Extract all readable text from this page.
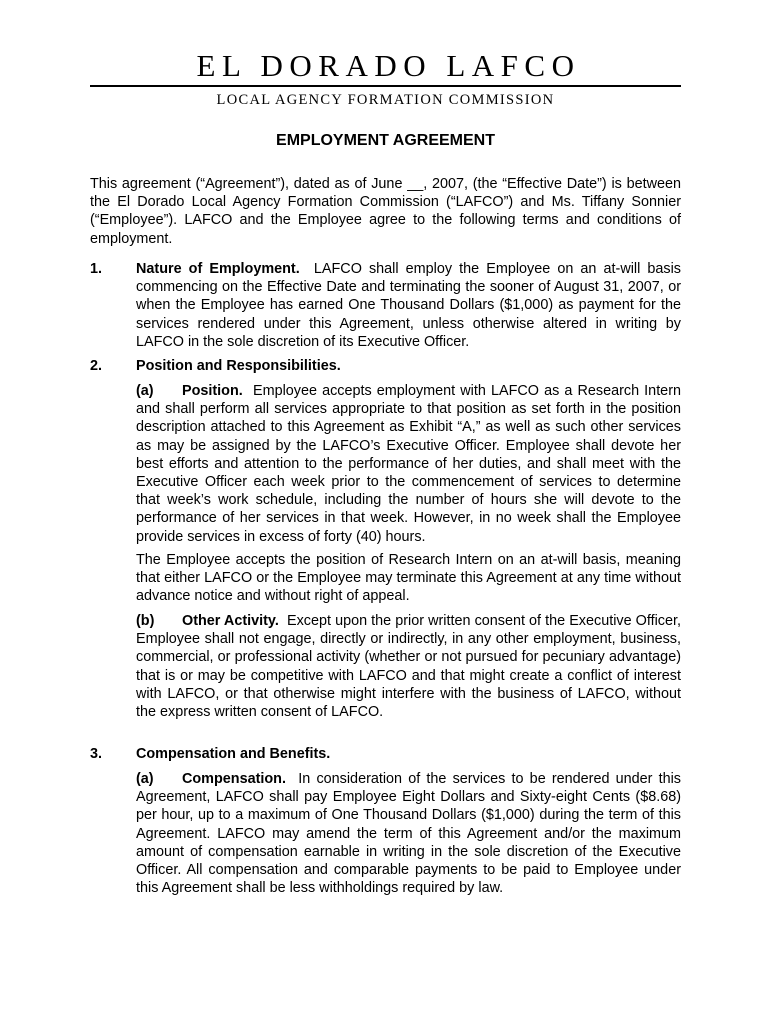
EL DORADO LAFCO
LOCAL AGENCY FORMATION COMMISSION
EMPLOYMENT AGREEMENT
This agreement (“Agreement”), dated as of June __, 2007, (the “Effective Date”) is between the El Dorado Local Agency Formation Commission (“LAFCO”) and Ms. Tiffany Sonnier (“Employee”). LAFCO and the Employee agree to the following terms and conditions of employment.
1. Nature of Employment. LAFCO shall employ the Employee on an at-will basis commencing on the Effective Date and terminating the sooner of August 31, 2007, or when the Employee has earned One Thousand Dollars ($1,000) as payment for the services rendered under this Agreement, unless otherwise altered in writing by LAFCO in the sole discretion of its Executive Officer.
2. Position and Responsibilities.
(a) Position. Employee accepts employment with LAFCO as a Research Intern and shall perform all services appropriate to that position as set forth in the position description attached to this Agreement as Exhibit “A,” as well as such other services as may be assigned by the LAFCO’s Executive Officer. Employee shall devote her best efforts and attention to the performance of her duties, and shall meet with the Executive Officer each week prior to the commencement of services to determine that week’s work schedule, including the number of hours she will devote to the performance of her services in that week. However, in no week shall the Employee provide services in excess of forty (40) hours.
The Employee accepts the position of Research Intern on an at-will basis, meaning that either LAFCO or the Employee may terminate this Agreement at any time without advance notice and without right of appeal.
(b) Other Activity. Except upon the prior written consent of the Executive Officer, Employee shall not engage, directly or indirectly, in any other employment, business, commercial, or professional activity (whether or not pursued for pecuniary advantage) that is or may be competitive with LAFCO and that might create a conflict of interest with LAFCO, or that otherwise might interfere with the business of LAFCO, without the express written consent of LAFCO.
3. Compensation and Benefits.
(a) Compensation. In consideration of the services to be rendered under this Agreement, LAFCO shall pay Employee Eight Dollars and Sixty-eight Cents ($8.68) per hour, up to a maximum of One Thousand Dollars ($1,000) during the term of this Agreement. LAFCO may amend the term of this Agreement and/or the maximum amount of compensation earnable in writing in the sole discretion of the Executive Officer. All compensation and comparable payments to be paid to Employee under this Agreement shall be less withholdings required by law.
